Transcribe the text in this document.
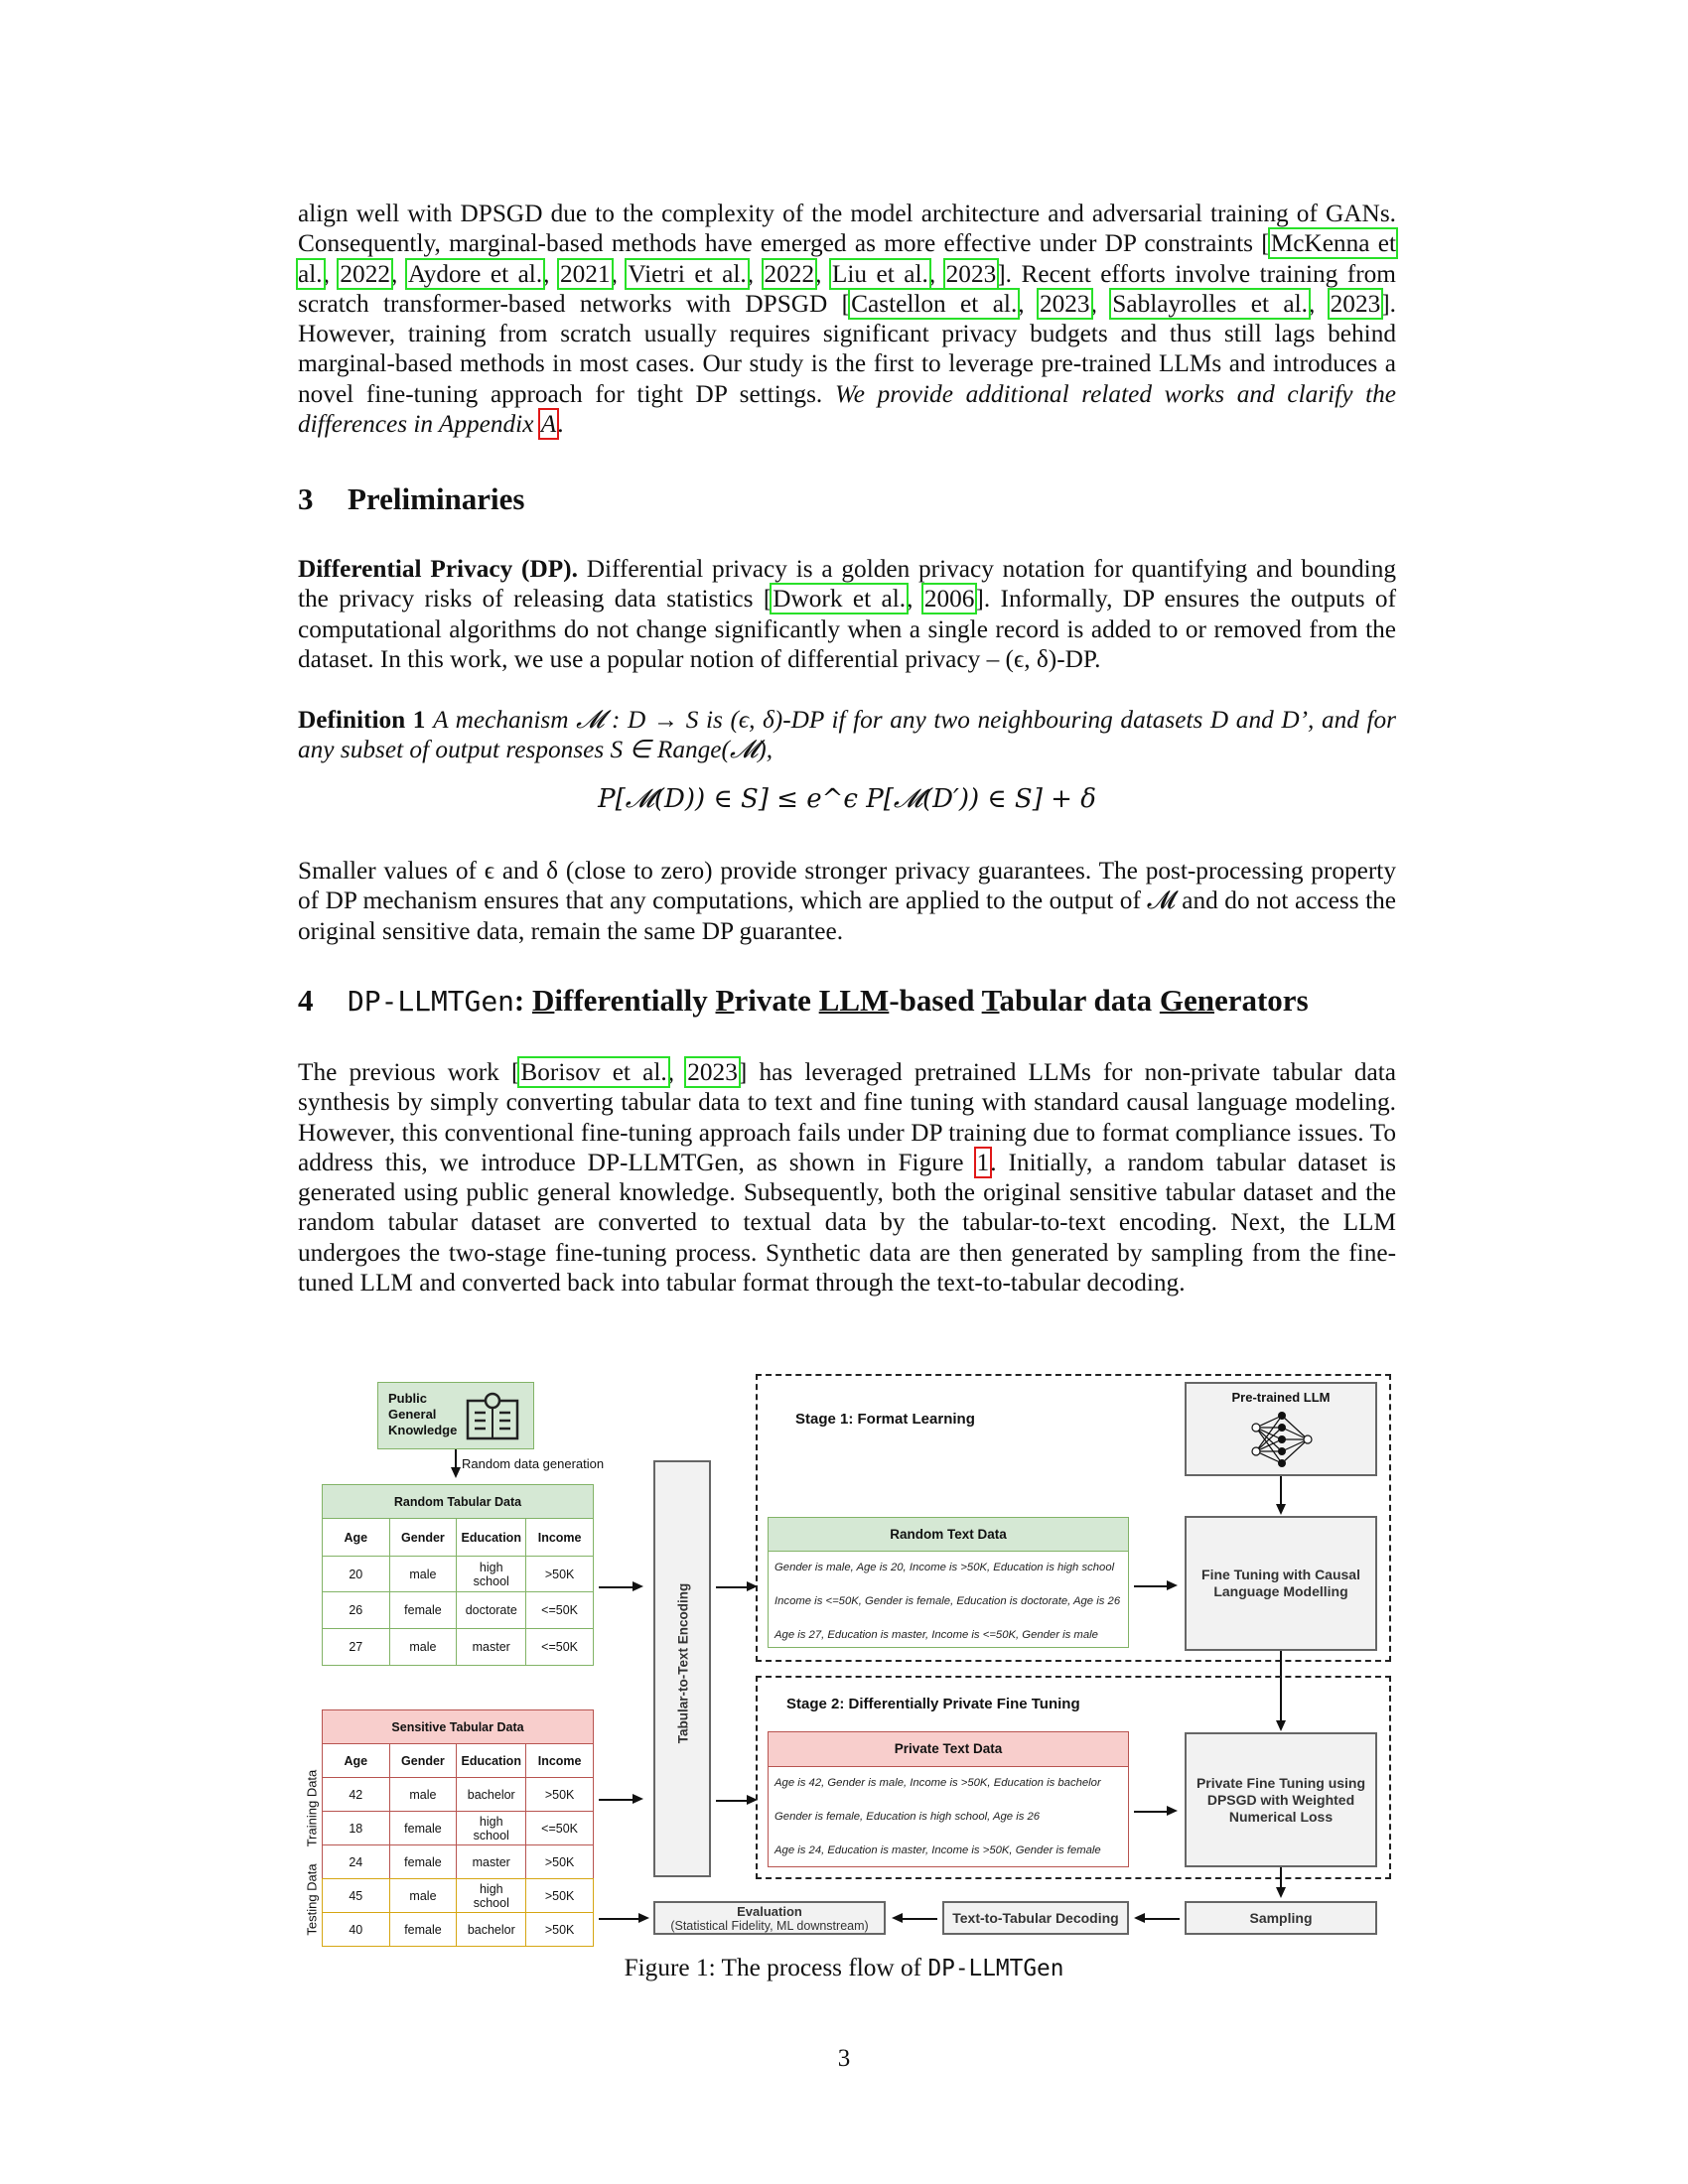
align well with DPSGD due to the complexity of the model architecture and adversarial training of GANs. Consequently, marginal-based methods have emerged as more effective under DP constraints [McKenna et al., 2022, Aydore et al., 2021, Vietri et al., 2022, Liu et al., 2023]. Recent efforts involve training from scratch transformer-based networks with DPSGD [Castellon et al., 2023, Sablayrolles et al., 2023]. However, training from scratch usually requires significant privacy budgets and thus still lags behind marginal-based methods in most cases. Our study is the first to leverage pre-trained LLMs and introduces a novel fine-tuning approach for tight DP settings. We provide additional related works and clarify the differences in Appendix A.

3 Preliminaries

Differential Privacy (DP). Differential privacy is a golden privacy notation for quantifying and bounding the privacy risks of releasing data statistics [Dwork et al., 2006]. Informally, DP ensures the outputs of computational algorithms do not change significantly when a single record is added to or removed from the dataset. In this work, we use a popular notion of differential privacy – (ϵ, δ)-DP.

Definition 1 A mechanism 𝓜 : D → S is (ϵ, δ)-DP if for any two neighbouring datasets D and D’, and for any subset of output responses S ∈ Range(𝓜),

P[𝓜(D)) ∈ S] ≤ e^ϵ P[𝓜(D′)) ∈ S] + δ

Smaller values of ϵ and δ (close to zero) provide stronger privacy guarantees. The post-processing property of DP mechanism ensures that any computations, which are applied to the output of 𝓜 and do not access the original sensitive data, remain the same DP guarantee.

4 DP-LLMTGen: Differentially Private LLM-based Tabular data Generators

The previous work [Borisov et al., 2023] has leveraged pretrained LLMs for non-private tabular data synthesis by simply converting tabular data to text and fine tuning with standard causal language modeling. However, this conventional fine-tuning approach fails under DP training due to format compliance issues. To address this, we introduce DP-LLMTGen, as shown in Figure 1. Initially, a random tabular dataset is generated using public general knowledge. Subsequently, both the original sensitive tabular dataset and the random tabular dataset are converted to textual data by the tabular-to-text encoding. Next, the LLM undergoes the two-stage fine-tuning process. Synthetic data are then generated by sampling from the fine-tuned LLM and converted back into tabular format through the text-to-tabular decoding.

Public General Knowledge
Random data generation
Random Tabular Data			
Age	Gender	Education	Income
20	male	high school	>50K
26	female	doctorate	<=50K
27	male	master	<=50K
Training Data
Testing Data
Sensitive Tabular Data			
Age	Gender	Education	Income
42	male	bachelor	>50K
18	female	high school	<=50K
24	female	master	>50K
45	male	high school	>50K
40	female	bachelor	>50K
Tabular-to-Text Encoding
Stage 1: Format Learning
Random Text Data
Gender is male, Age is 20, Income is >50K, Education is high school
Income is <=50K, Gender is female, Education is doctorate, Age is 26
Age is 27, Education is master, Income is <=50K, Gender is male
Pre-trained LLM
Fine Tuning with Causal Language Modelling
Stage 2: Differentially Private Fine Tuning
Private Text Data
Age is 42, Gender is male, Income is >50K, Education is bachelor
Gender is female, Education is high school, Age is 26
Age is 24, Education is master, Income is >50K, Gender is female
Private Fine Tuning using DPSGD with Weighted Numerical Loss
Sampling
Text-to-Tabular Decoding
Evaluation
(Statistical Fidelity, ML downstream)
Figure 1: The process flow of DP-LLMTGen
3
